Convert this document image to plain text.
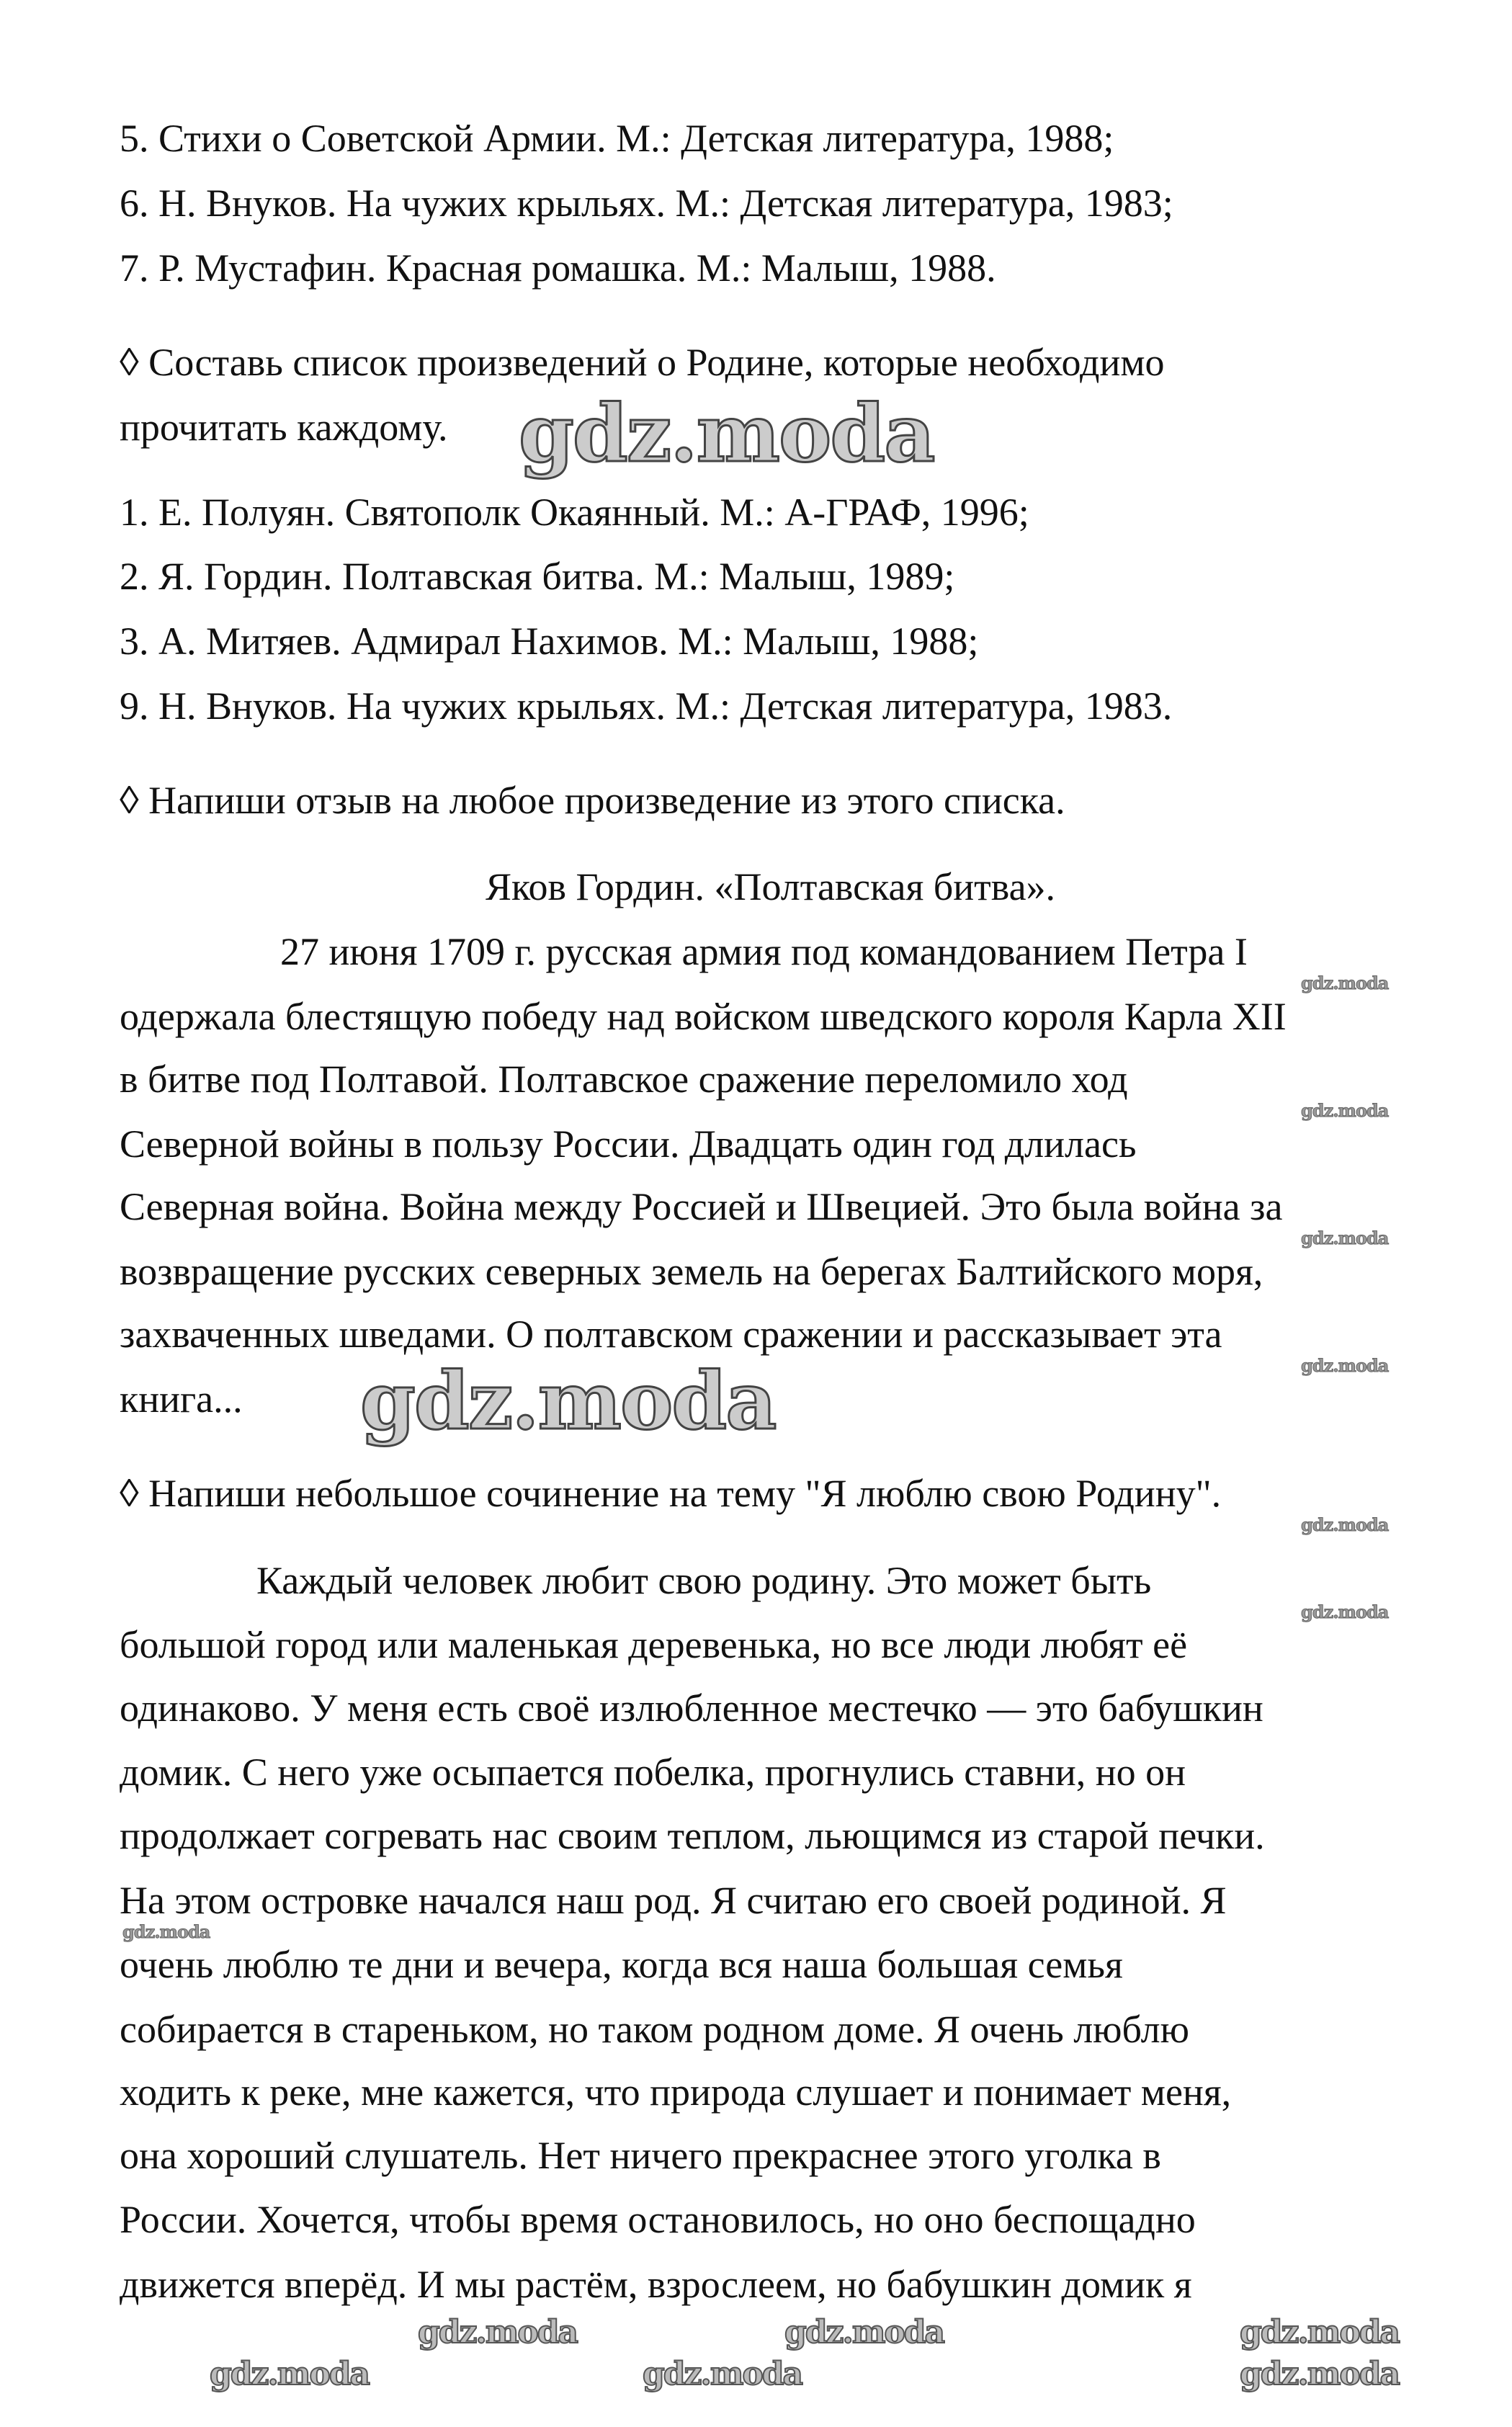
5. Стихи о Советской Армии. М.: Детская литература, 1988;
6. Н. Внуков. На чужих крыльях. М.: Детская литература, 1983;
7. Р. Мустафин. Красная ромашка. М.: Малыш, 1988.
◊ Составь список произведений о Родине, которые необходимо
прочитать каждому.
1. Е. Полуян. Святополк Окаянный. М.: А-ГРАФ, 1996;
2. Я. Гордин. Полтавская битва. М.: Малыш, 1989;
3. А. Митяев. Адмирал Нахимов. М.: Малыш, 1988;
9. Н. Внуков. На чужих крыльях. М.: Детская литература, 1983.
◊ Напиши отзыв на любое произведение из этого списка.
Яков Гордин. «Полтавская битва».
27 июня 1709 г. русская армия под командованием Петра I
одержала блестящую победу над войском шведского короля Карла XII
в битве под Полтавой. Полтавское сражение переломило ход
Северной войны в пользу России. Двадцать один год длилась
Северная война. Война между Россией и Швецией. Это была война за
возвращение русских северных земель на берегах Балтийского моря,
захваченных шведами. О полтавском сражении и рассказывает эта
книга...
◊ Напиши небольшое сочинение на тему "Я люблю свою Родину".
Каждый человек любит свою родину. Это может быть
большой город или маленькая деревенька, но все люди любят её
одинаково. У меня есть своё излюбленное местечко — это бабушкин
домик. С него уже осыпается побелка, прогнулись ставни, но он
продолжает согревать нас своим теплом, льющимся из старой печки.
На этом островке начался наш род. Я считаю его своей родиной. Я
очень люблю те дни и вечера, когда вся наша большая семья
собирается в стареньком, но таком родном доме. Я очень люблю
ходить к реке, мне кажется, что природа слушает и понимает меня,
она хороший слушатель. Нет ничего прекраснее этого уголка в
России. Хочется, чтобы время остановилось, но оно беспощадно
движется вперёд. И мы растём, взрослеем, но бабушкин домик я
gdz.moda
gdz.moda
gdz.moda
gdz.moda
gdz.moda
gdz.moda
gdz.moda
gdz.moda
gdz.moda
gdz.moda	gdz.moda	gdz.moda
gdz.moda	gdz.moda	gdz.moda
